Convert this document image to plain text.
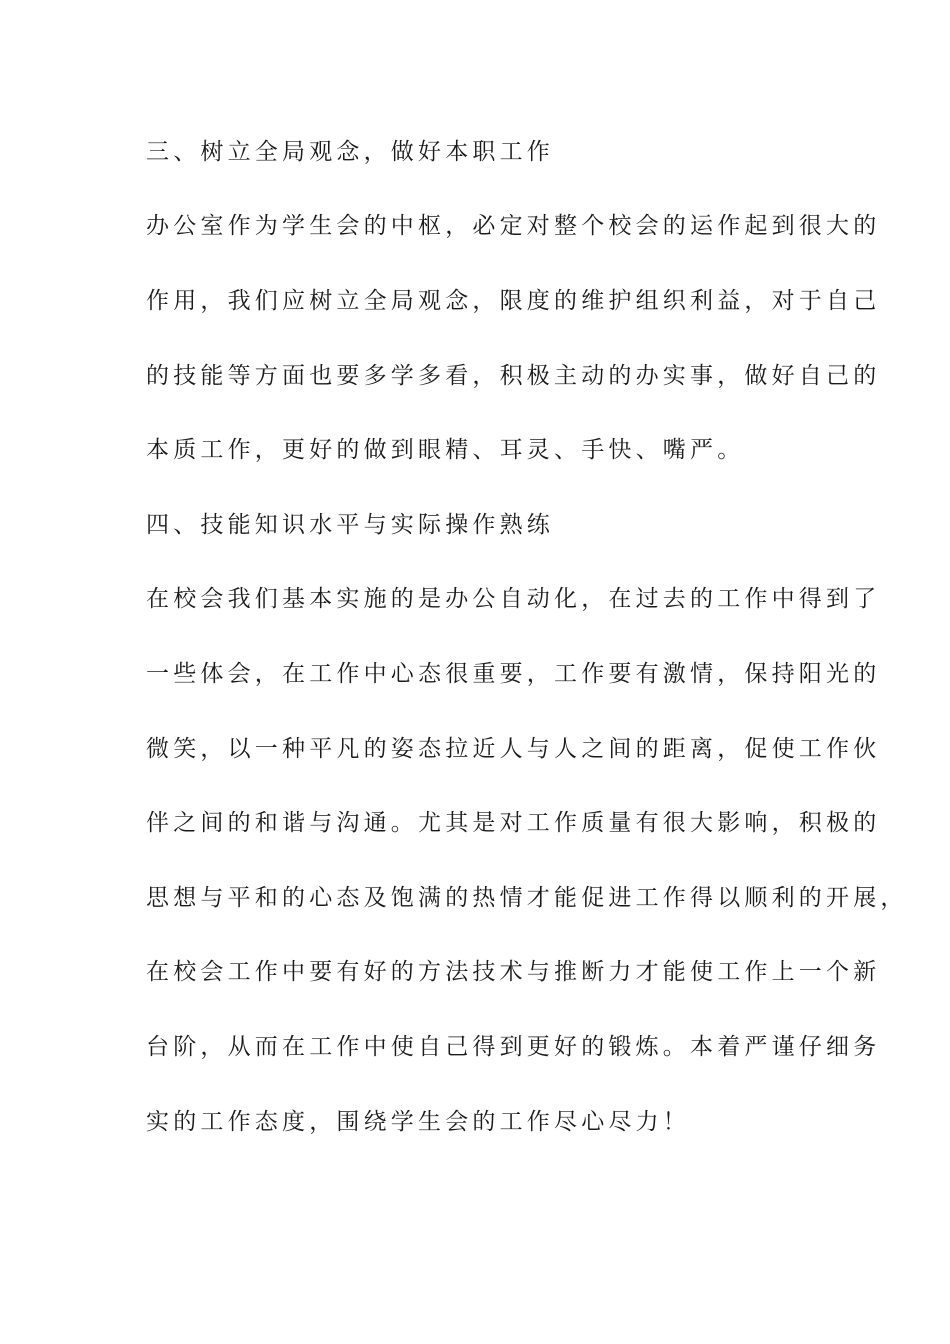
三、树立全局观念，做好本职工作
办公室作为学生会的中枢，必定对整个校会的运作起到很大的
作用，我们应树立全局观念，限度的维护组织利益，对于自己
的技能等方面也要多学多看，积极主动的办实事，做好自己的
本质工作，更好的做到眼精、耳灵、手快、嘴严。
四、技能知识水平与实际操作熟练
在校会我们基本实施的是办公自动化，在过去的工作中得到了
一些体会，在工作中心态很重要，工作要有激情，保持阳光的
微笑，以一种平凡的姿态拉近人与人之间的距离，促使工作伙
伴之间的和谐与沟通。尤其是对工作质量有很大影响，积极的
思想与平和的心态及饱满的热情才能促进工作得以顺利的开展，
在校会工作中要有好的方法技术与推断力才能使工作上一个新
台阶，从而在工作中使自己得到更好的锻炼。本着严谨仔细务
实的工作态度，围绕学生会的工作尽心尽力！
